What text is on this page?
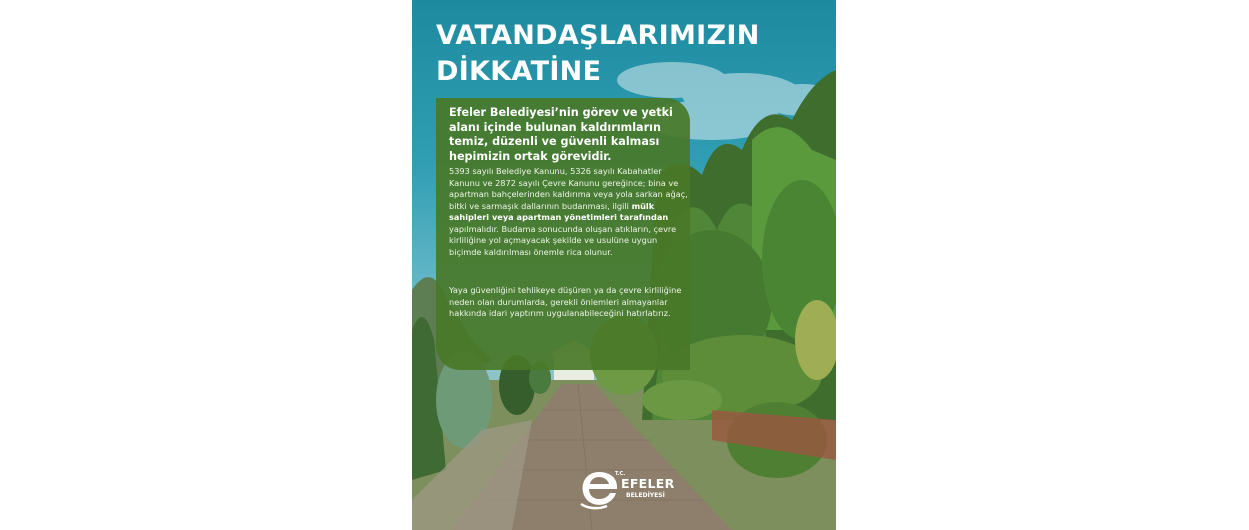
VATANDAŞLARIMIZIN
DİKKATİNE

Efeler Belediyesi’nin görev ve yetki alanı içinde bulunan kaldırımların temiz, düzenli ve güvenli kalması hepimizin ortak görevidir.

5393 sayılı Belediye Kanunu, 5326 sayılı Kabahatler Kanunu ve 2872 sayılı Çevre Kanunu gereğince; bina ve apartman bahçelerinden kaldırıma veya yola sarkan ağaç, bitki ve sarmaşık dallarının budanması, ilgili mülk sahipleri veya apartman yönetimleri tarafından yapılmalıdır. Budama sonucunda oluşan atıkların, çevre kirliliğine yol açmayacak şekilde ve usulüne uygun biçimde kaldırılması önemle rica olunur.

Yaya güvenliğini tehlikeye düşüren ya da çevre kirliliğine neden olan durumlarda, gerekli önlemleri almayanlar hakkında idari yaptırım uygulanabileceğini hatırlatırız.

T.C.
EFELER
BELEDİYESİ
